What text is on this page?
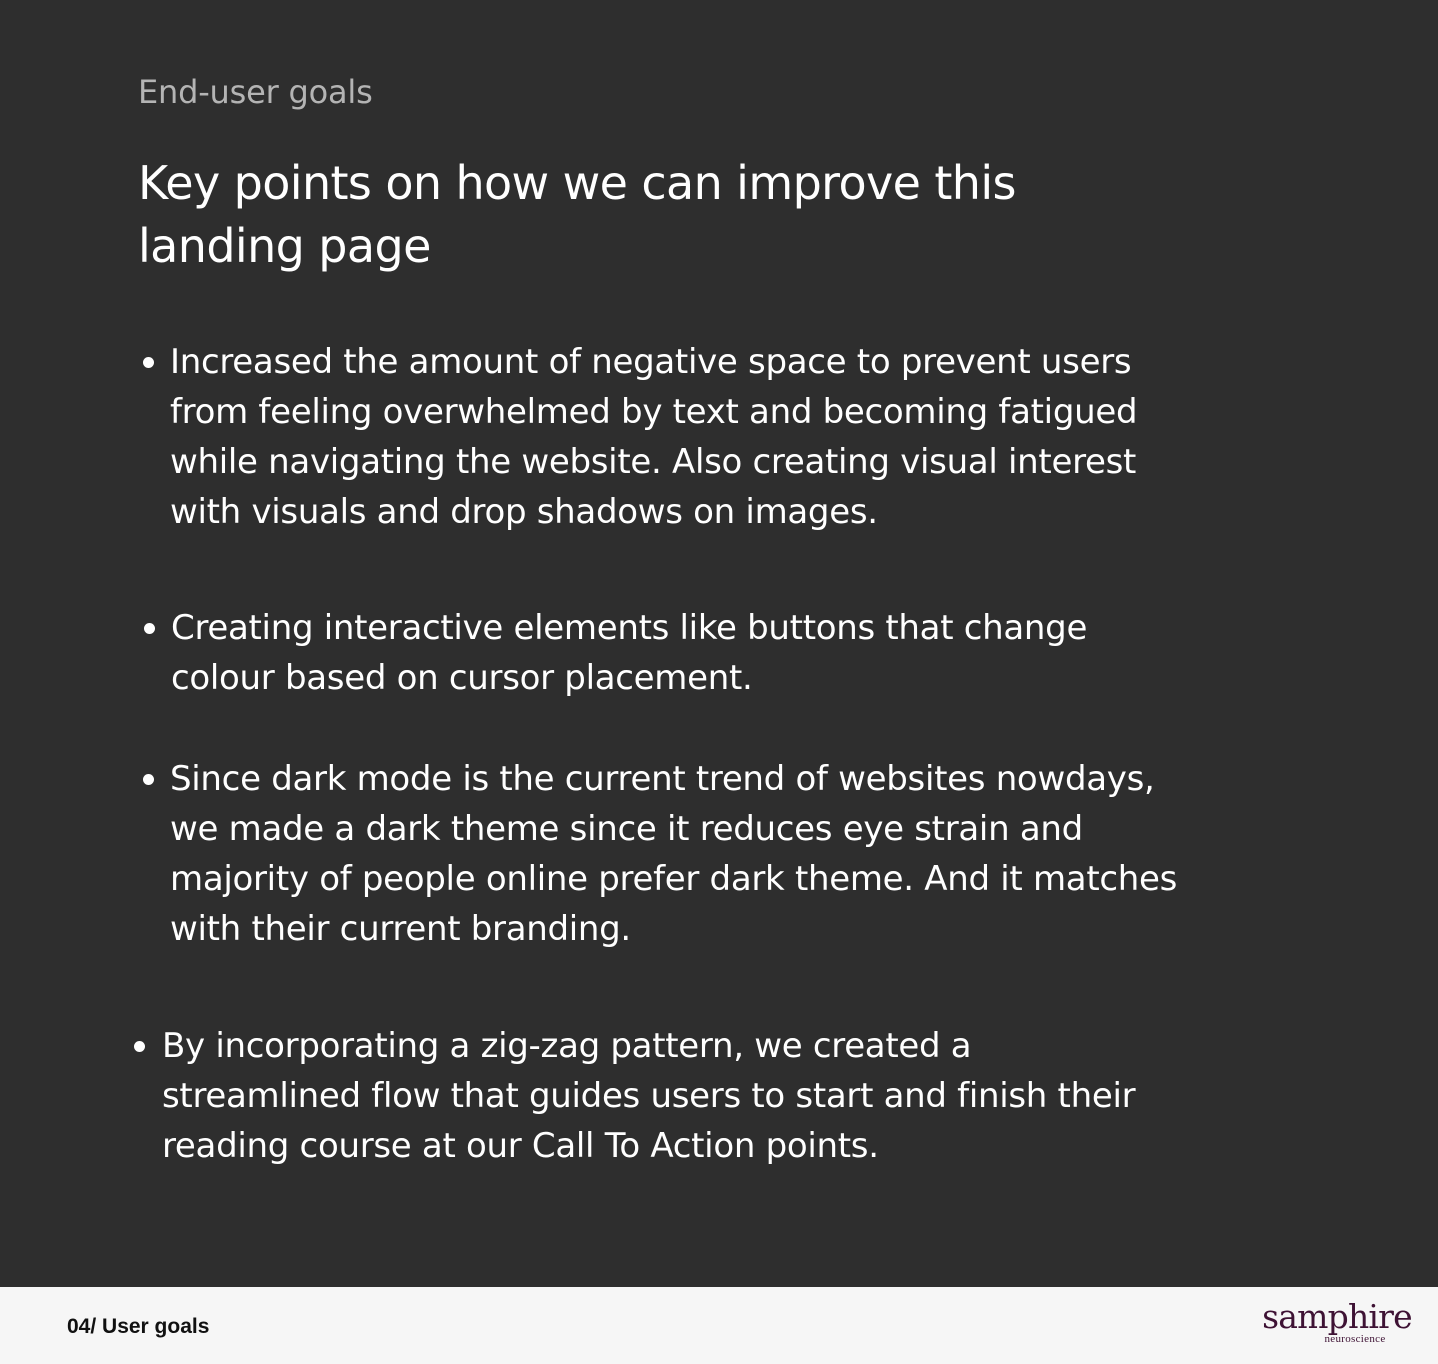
End-user goals

Key points on how we can improve this
landing page
Increased the amount of negative space to prevent users
from feeling overwhelmed by text and becoming fatigued
while navigating the website. Also creating visual interest
with visuals and drop shadows on images.
Creating interactive elements like buttons that change
colour based on cursor placement.
Since dark mode is the current trend of websites nowdays,
we made a dark theme since it reduces eye strain and
majority of people online prefer dark theme. And it matches
with their current branding.
By incorporating a zig-zag pattern, we created a
streamlined flow that guides users to start and finish their
reading course at our Call To Action points.

04/ User goals	samphire
neuroscience
